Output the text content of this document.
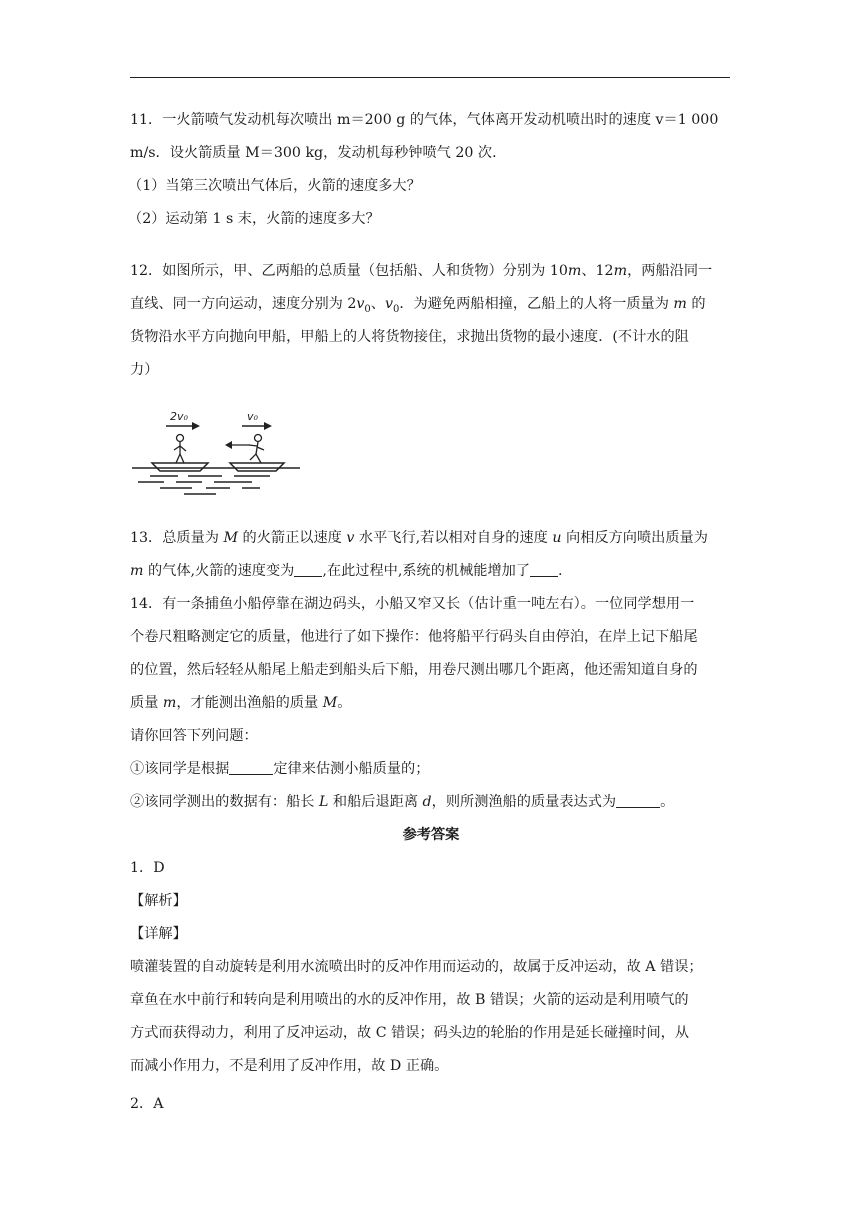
11．一火箭喷气发动机每次喷出 m＝200 g 的气体，气体离开发动机喷出时的速度 v＝1 000

m/s．设火箭质量 M＝300 kg，发动机每秒钟喷气 20 次．

（1）当第三次喷出气体后，火箭的速度多大？

（2）运动第 1 s 末，火箭的速度多大？

12．如图所示，甲、乙两船的总质量（包括船、人和货物）分别为 10m、12m，两船沿同一

直线、同一方向运动，速度分别为 $2v_0$、$v_0$．为避免两船相撞，乙船上的人将一质量为 m 的

货物沿水平方向抛向甲船，甲船上的人将货物接住，求抛出货物的最小速度．(不计水的阻

力）

2v₀	v₀

13．总质量为 M 的火箭正以速度 v 水平飞行,若以相对自身的速度 u 向相反方向喷出质量为

m 的气体,火箭的速度变为 ,在此过程中,系统的机械能增加了 .

14．有一条捕鱼小船停靠在湖边码头，小船又窄又长（估计重一吨左右）。一位同学想用一

个卷尺粗略测定它的质量，他进行了如下操作：他将船平行码头自由停泊，在岸上记下船尾

的位置，然后轻轻从船尾上船走到船头后下船，用卷尺测出哪几个距离，他还需知道自身的

质量 m，才能测出渔船的质量 M。

请你回答下列问题：

①该同学是根据	定律来估测小船质量的；

②该同学测出的数据有：船长 L 和船后退距离 d，则所测渔船的质量表达式为	。

参考答案

1．D

【解析】

【详解】

喷灌装置的自动旋转是利用水流喷出时的反冲作用而运动的，故属于反冲运动，故 A 错误；

章鱼在水中前行和转向是利用喷出的水的反冲作用，故 B 错误；火箭的运动是利用喷气的

方式而获得动力，利用了反冲运动，故 C 错误；码头边的轮胎的作用是延长碰撞时间，从

而减小作用力，不是利用了反冲作用，故 D 正确。

2．A
